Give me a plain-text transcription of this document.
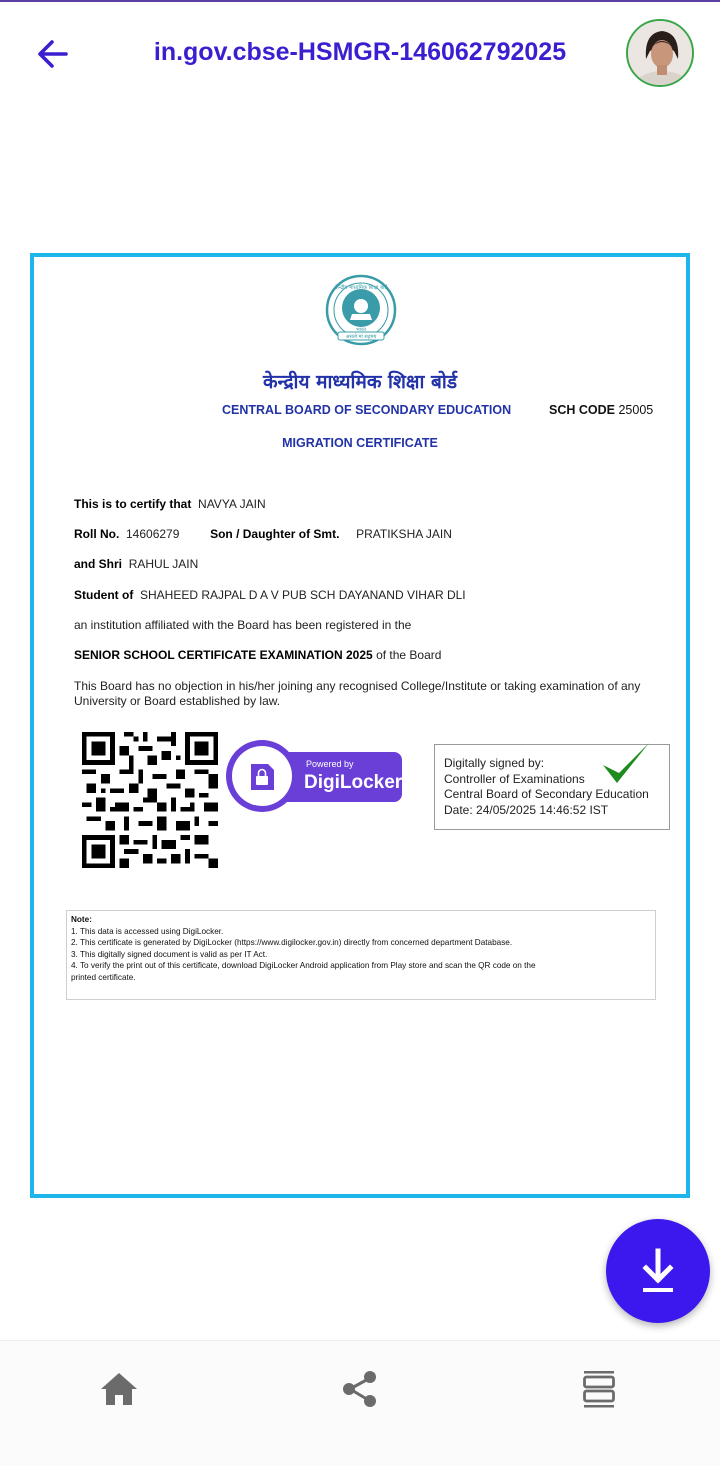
in.gov.cbse-HSMGR-146062792025
केन्द्रीय माध्यमिक शिक्षा बोर्ड
भारत
असतो मा सद्गमय
केन्द्रीय माध्यमिक शिक्षा बोर्ड
CENTRAL BOARD OF SECONDARY EDUCATION	SCH CODE 25005
MIGRATION CERTIFICATE
This is to certify that NAVYA JAIN
Roll No. 14606279	Son / Daughter of Smt. PRATIKSHA JAIN
and Shri RAHUL JAIN
Student of SHAHEED RAJPAL D A V PUB SCH DAYANAND VIHAR DLI
an institution affiliated with the Board has been registered in the
SENIOR SCHOOL CERTIFICATE EXAMINATION 2025 of the Board
This Board has no objection in his/her joining any recognised College/Institute or taking examination of any
University or Board established by law.
Powered by
DigiLocker
Digitally signed by:
Controller of Examinations
Central Board of Secondary Education
Date: 24/05/2025 14:46:52 IST
Note:
1. This data is accessed using DigiLocker.
2. This certificate is generated by DigiLocker (https://www.digilocker.gov.in) directly from concerned department Database.
3. This digitally signed document is valid as per IT Act.
4. To verify the print out of this certificate, download DigiLocker Android application from Play store and scan the QR code on the
printed certificate.
